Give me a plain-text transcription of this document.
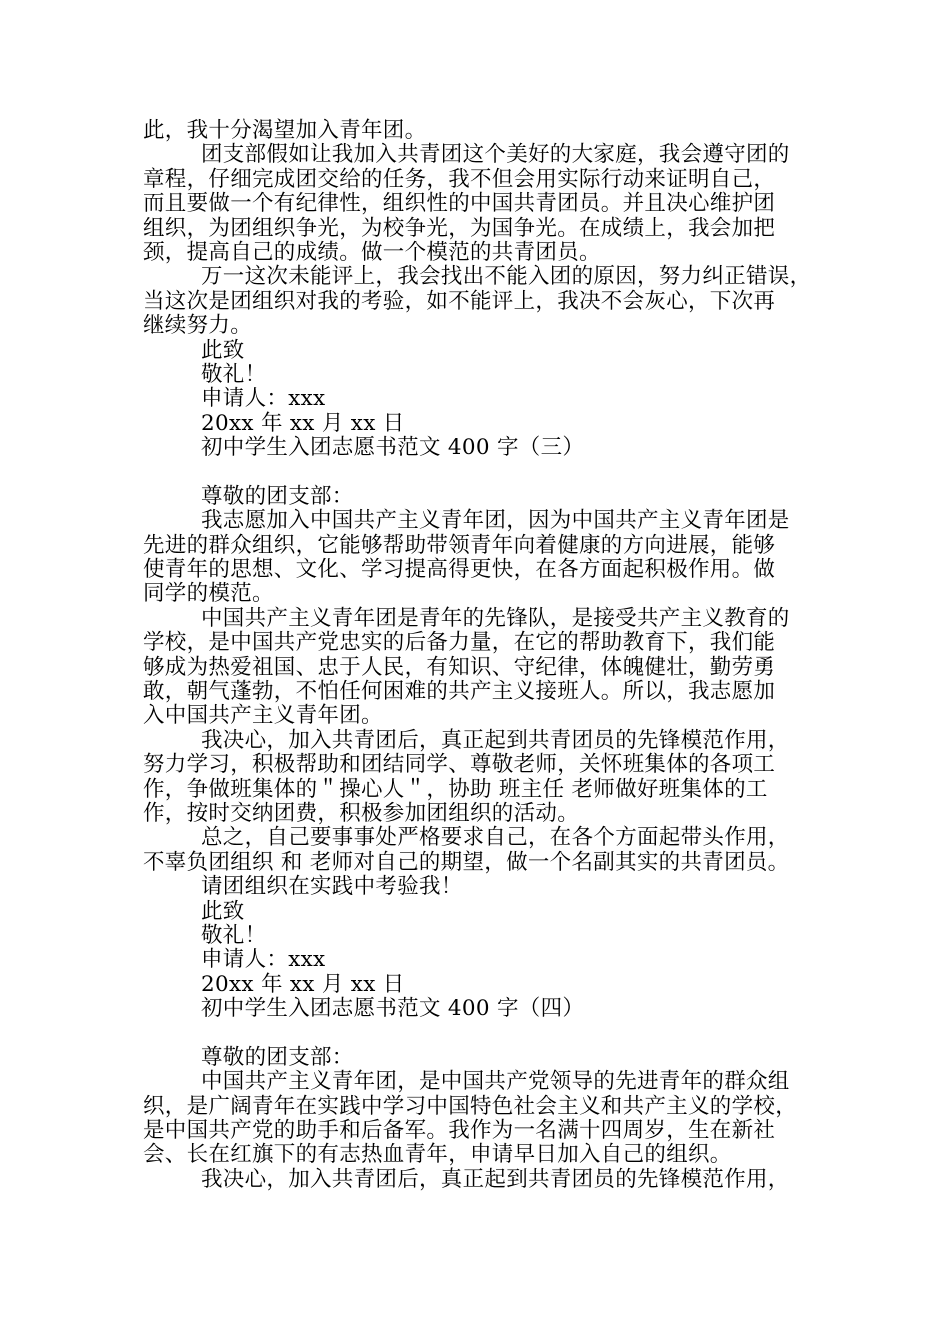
此，我十分渴望加入青年团。
团支部假如让我加入共青团这个美好的大家庭，我会遵守团的
章程，仔细完成团交给的任务，我不但会用实际行动来证明自己，
而且要做一个有纪律性，组织性的中国共青团员。并且决心维护团
组织，为团组织争光，为校争光，为国争光。在成绩上，我会加把
颈，提高自己的成绩。做一个模范的共青团员。
万一这次未能评上，我会找出不能入团的原因，努力纠正错误，
当这次是团组织对我的考验，如不能评上，我决不会灰心，下次再
继续努力。
此致
敬礼！
申请人：xxx
20xx 年 xx 月 xx 日
初中学生入团志愿书范文 400 字（三）
尊敬的团支部：
我志愿加入中国共产主义青年团，因为中国共产主义青年团是
先进的群众组织，它能够帮助带领青年向着健康的方向进展，能够
使青年的思想、文化、学习提高得更快，在各方面起积极作用。做
同学的模范。
中国共产主义青年团是青年的先锋队，是接受共产主义教育的
学校，是中国共产党忠实的后备力量，在它的帮助教育下，我们能
够成为热爱祖国、忠于人民，有知识、守纪律，体魄健壮，勤劳勇
敢，朝气蓬勃，不怕任何困难的共产主义接班人。所以，我志愿加
入中国共产主义青年团。
我决心，加入共青团后，真正起到共青团员的先锋模范作用，
努力学习，积极帮助和团结同学、尊敬老师，关怀班集体的各项工
作，争做班集体的＂操心人＂，协助 班主任 老师做好班集体的工
作，按时交纳团费，积极参加团组织的活动。
总之，自己要事事处严格要求自己，在各个方面起带头作用，
不辜负团组织 和 老师对自己的期望，做一个名副其实的共青团员。
请团组织在实践中考验我！
此致
敬礼！
申请人：xxx
20xx 年 xx 月 xx 日
初中学生入团志愿书范文 400 字（四）
尊敬的团支部：
中国共产主义青年团，是中国共产党领导的先进青年的群众组
织，是广阔青年在实践中学习中国特色社会主义和共产主义的学校，
是中国共产党的助手和后备军。我作为一名满十四周岁，生在新社
会、长在红旗下的有志热血青年，申请早日加入自己的组织。
我决心，加入共青团后，真正起到共青团员的先锋模范作用，
